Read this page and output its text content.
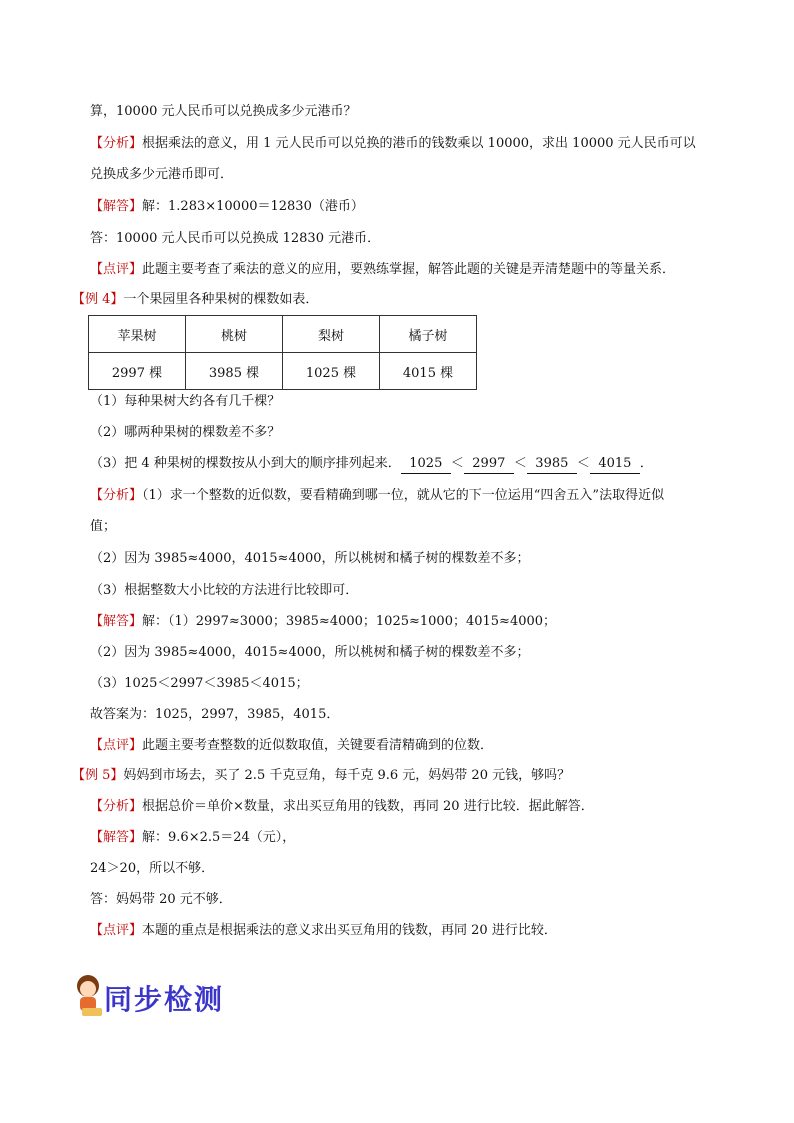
算，10000 元人民币可以兑换成多少元港币？
【分析】根据乘法的意义，用 1 元人民币可以兑换的港币的钱数乘以 10000，求出 10000 元人民币可以
兑换成多少元港币即可．
【解答】解：1.283×10000＝12830（港币）
答：10000 元人民币可以兑换成 12830 元港币．
【点评】此题主要考查了乘法的意义的应用，要熟练掌握，解答此题的关键是弄清楚题中的等量关系．
【例 4】一个果园里各种果树的棵数如表．
苹果树	桃树	梨树	橘子树
2997 棵	3985 棵	1025 棵	4015 棵
（1）每种果树大约各有几千棵？
（2）哪两种果树的棵数差不多？
（3）把 4 种果树的棵数按从小到大的顺序排列起来． 1025 ＜ 2997 ＜ 3985 ＜ 4015 ．
【分析】（1）求一个整数的近似数，要看精确到哪一位，就从它的下一位运用“四舍五入”法取得近似
值；
（2）因为 3985≈4000，4015≈4000，所以桃树和橘子树的棵数差不多；
（3）根据整数大小比较的方法进行比较即可．
【解答】解：（1）2997≈3000；3985≈4000；1025≈1000；4015≈4000；
（2）因为 3985≈4000，4015≈4000，所以桃树和橘子树的棵数差不多；
（3）1025＜2997＜3985＜4015；
故答案为：1025，2997，3985，4015．
【点评】此题主要考查整数的近似数取值，关键要看清精确到的位数．
【例 5】妈妈到市场去，买了 2.5 千克豆角，每千克 9.6 元，妈妈带 20 元钱，够吗？
【分析】根据总价＝单价×数量，求出买豆角用的钱数，再同 20 进行比较．据此解答．
【解答】解：9.6×2.5＝24（元），
24＞20，所以不够．
答：妈妈带 20 元不够．
【点评】本题的重点是根据乘法的意义求出买豆角用的钱数，再同 20 进行比较．
同步检测
